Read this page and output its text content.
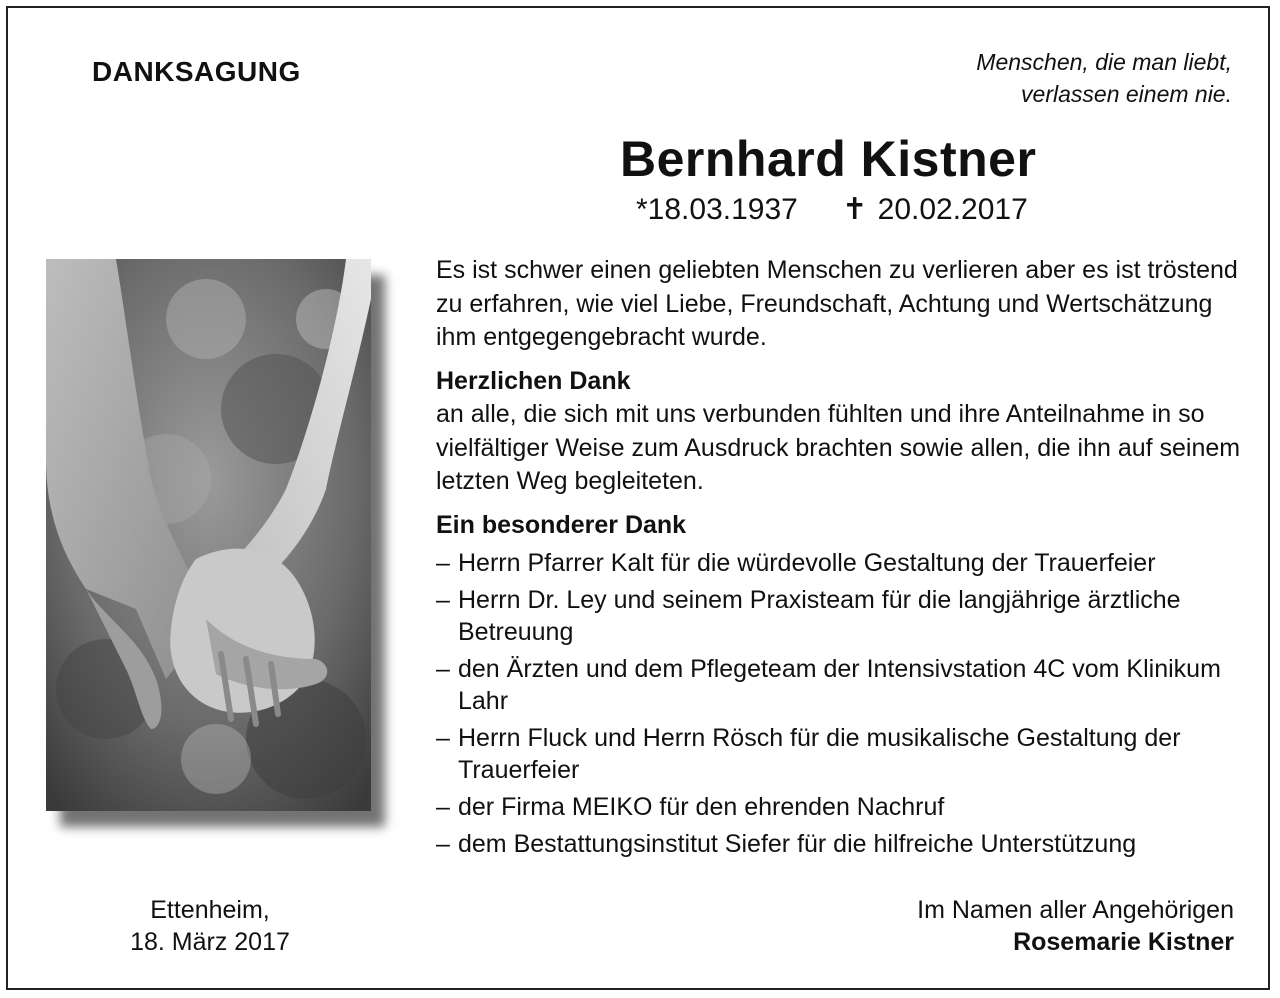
DANKSAGUNG	Menschen, die man liebt,
verlassen einem nie.
Bernhard Kistner
*18.03.1937 ✝ 20.02.2017

Es ist schwer einen geliebten Menschen zu verlieren aber es ist tröstend zu erfahren, wie viel Liebe, Freundschaft, Achtung und Wertschätzung ihm entgegengebracht wurde.

Herzlichen Dank

an alle, die sich mit uns verbunden fühlten und ihre Anteilnahme in so vielfältiger Weise zum Ausdruck brachten sowie allen, die ihn auf seinem letzten Weg begleiteten.

Ein besonderer Dank
– Herrn Pfarrer Kalt für die würdevolle Gestaltung der Trauerfeier
– Herrn Dr. Ley und seinem Praxisteam für die langjährige ärztliche Betreuung
– den Ärzten und dem Pflegeteam der Intensivstation 4C vom Klinikum Lahr
– Herrn Fluck und Herrn Rösch für die musikalische Gestaltung der Trauerfeier
– der Firma MEIKO für den ehrenden Nachruf
– dem Bestattungsinstitut Siefer für die hilfreiche Unterstützung
Ettenheim,
18. März 2017
Im Namen aller Angehörigen
Rosemarie Kistner
